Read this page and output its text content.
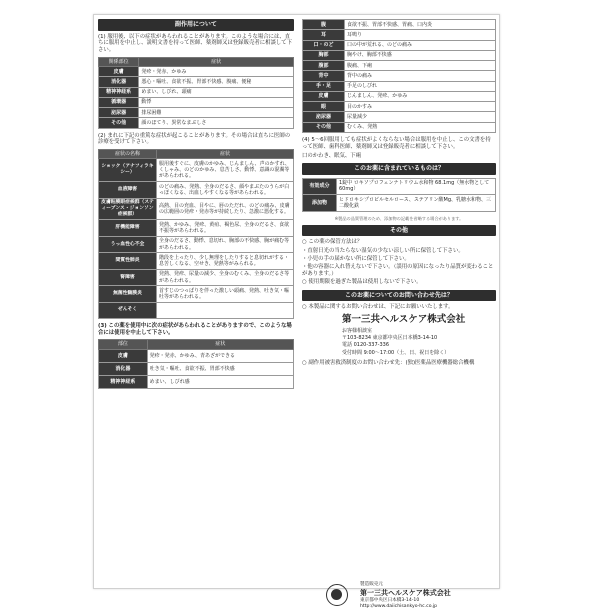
副作用について

(1) 服用後、以下の症状があらわれることがあります。このような場合には、直ちに服用を中止し、説明文書を持って医師、薬剤師又は登録販売者に相談して下さい。

関係部位	症状
皮膚	発疹・発赤、かゆみ
消化器	悪心・嘔吐、食欲不振、胃部不快感、腹痛、便秘
精神神経系	めまい、しびれ、頭痛
循環器	動悸
泌尿器	排尿困難
その他	顔のほてり、異常なまぶしさ

(2) まれに下記の重篤な症状が起こることがあります。その場合は直ちに医師の診療を受けて下さい。

症状の名称	症状
ショック（アナフィラキシー）	服用後すぐに、皮膚のかゆみ、じんましん、声のかすれ、くしゃみ、のどのかゆみ、息苦しさ、動悸、意識の混濁等があらわれる。
血液障害	のどの痛み、発熱、全身のだるさ、顔やまぶたのうらが白っぽくなる、出血しやすくなる等があらわれる。
皮膚粘膜眼症候群（スティーブンス・ジョンソン症候群）	高熱、目の充血、目やに、唇のただれ、のどの痛み、皮膚の広範囲の発疹・発赤等が持続したり、急激に悪化する。
肝機能障害	発熱、かゆみ、発疹、黄疸、褐色尿、全身のだるさ、食欲不振等があらわれる。
うっ血性心不全	全身のだるさ、動悸、息切れ、胸部の不快感、胸が痛む等があらわれる。
間質性肺炎	階段を上ったり、少し無理をしたりすると息切れがする・息苦しくなる、空せき、発熱等がみられる。
腎障害	発熱、発疹、尿量の減少、全身のむくみ、全身のだるさ等があらわれる。
無菌性髄膜炎	首すじのつっぱりを伴った激しい頭痛、発熱、吐き気・嘔吐等があらわれる。
ぜんそく	

(3) この薬を使用中に次の症状があらわれることがありますので、このような場合には使用を中止して下さい。

部位	症状
皮膚	発疹・発赤、かゆみ、青あざができる
消化器	吐き気・嘔吐、食欲不振、胃部不快感
精神神経系	めまい、しびれ感
腹	食欲不振、胃部不快感、胃痛、口内炎
耳	耳鳴り
口・のど	口の中が荒れる、のどの痛み
胸部	胸やけ、胸部不快感
腹部	腹痛、下痢
背中	背中の痛み
手・足	手足のしびれ
皮膚	じんましん、発疹、かゆみ
眼	目のかすみ
泌尿器	尿量減少
その他	むくみ、発熱

(4) 5〜6回服用しても症状がよくならない場合は服用を中止し、この文書を持って医師、歯科医師、薬剤師又は登録販売者に相談して下さい。

口のかわき、眠気、下痢

このお薬に含まれているものは？
有効成分	1錠中 ロキソプロフェンナトリウム水和物 68.1mg（無水物として60mg）
添加物	ヒドロキシプロピルセルロース、ステアリン酸Mg、乳糖水和物、三二酸化鉄

※製品の品質管理のため、添加物の記載を省略する場合があります。

その他

○ この薬の保管方法は？

・直射日光の当たらない湿気の少ない涼しい所に保管して下さい。

・小児の手の届かない所に保管して下さい。

・他の容器に入れ替えないで下さい。（誤用の原因になったり品質が変わることがあります。）

○ 使用期限を過ぎた製品は使用しないで下さい。

このお薬についてのお問い合わせ先は？

○ 本製品に関するお問い合わせは、下記にお願いいたします。

第一三共ヘルスケア株式会社

お客様相談室

〒103-8234 東京都中央区日本橋3-14-10

電話 0120-337-336

受付時間 9:00〜17:00（土、日、祝日を除く）

○ 副作用被害救済制度のお問い合わせ先：(独)医薬品医療機器総合機構

製造販売元
第一三共ヘルスケア株式会社
東京都中央区日本橋3-14-10
http://www.daiichisankyo-hc.co.jp
